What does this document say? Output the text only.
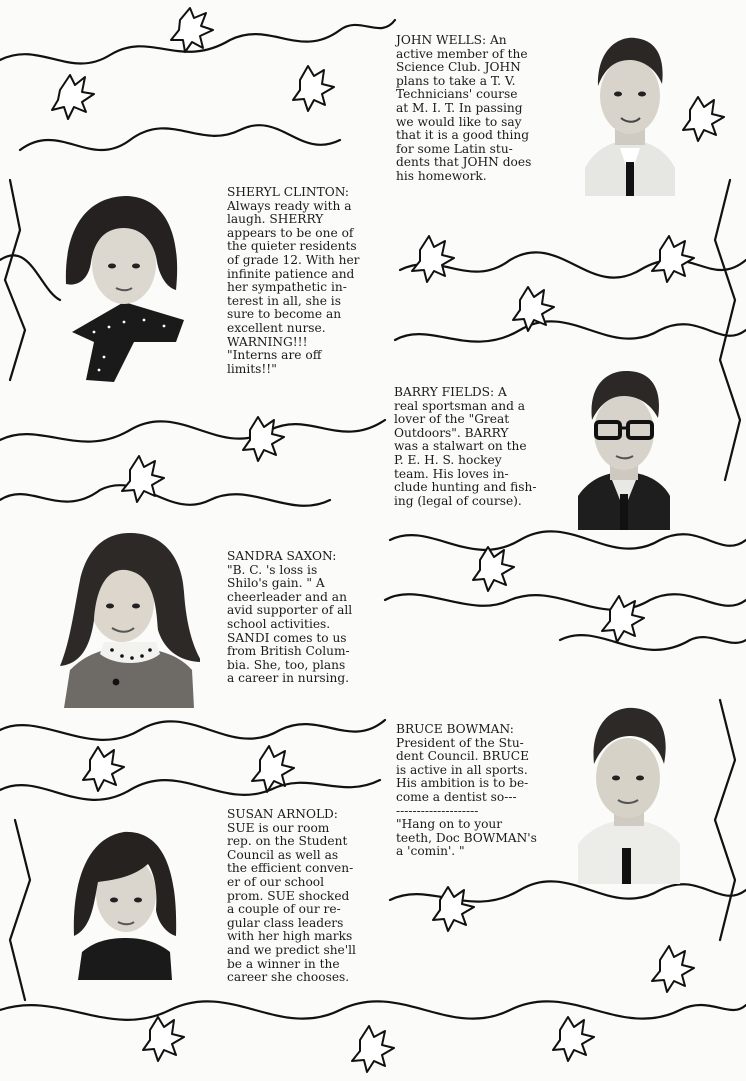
JOHN WELLS: An

active member of the

Science Club. JOHN

plans to take a T. V.

Technicians' course

at M. I. T. In passing

we would like to say

that it is a good thing

for some Latin stu-

dents that JOHN does

his homework.

SHERYL CLINTON:

Always ready with a

laugh. SHERRY

appears to be one of

the quieter residents

of grade 12. With her

infinite patience and

her sympathetic in-

terest in all, she is

sure to become an

excellent nurse.

WARNING!!!

"Interns are off

limits!!"

BARRY FIELDS: A

real sportsman and a

lover of the "Great

Outdoors". BARRY

was a stalwart on the

P. E. H. S. hockey

team. His loves in-

clude hunting and fish-

ing (legal of course).

SANDRA SAXON:

"B. C. 's loss is

Shilo's gain. " A

cheerleader and an

avid supporter of all

school activities.

SANDI comes to us

from British Colum-

bia. She, too, plans

a career in nursing.

BRUCE BOWMAN:

President of the Stu-

dent Council. BRUCE

is active in all sports.

His ambition is to be-

come a dentist so---

--------------------

"Hang on to your

teeth, Doc BOWMAN's

a 'comin'. "

SUSAN ARNOLD:

SUE is our room

rep. on the Student

Council as well as

the efficient conven-

er of our school

prom. SUE shocked

a couple of our re-

gular class leaders

with her high marks

and we predict she'll

be a winner in the

career she chooses.
